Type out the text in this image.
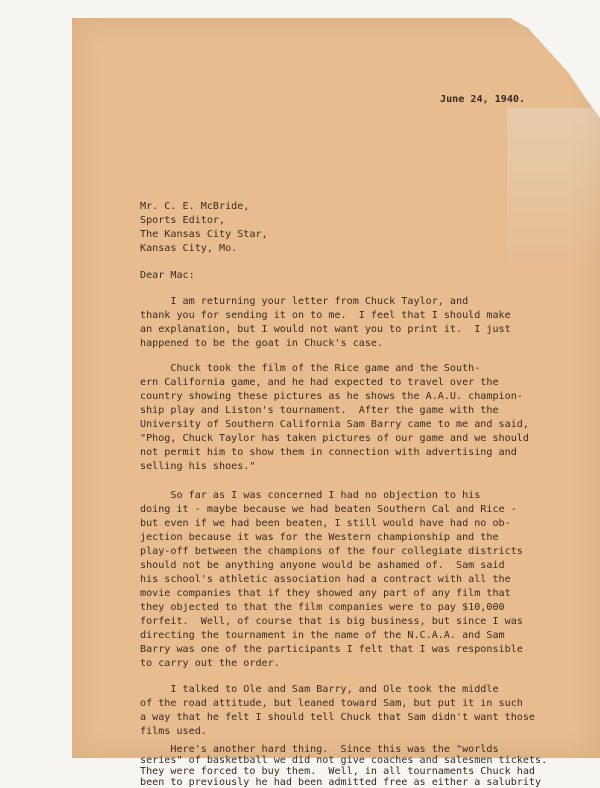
June 24, 1940.

Mr. C. E. McBride,

Sports Editor,

The Kansas City Star,

Kansas City, Mo.

Dear Mac:

I am returning your letter from Chuck Taylor, and

thank you for sending it on to me.  I feel that I should make

an explanation, but I would not want you to print it.  I just

happened to be the goat in Chuck's case.

Chuck took the film of the Rice game and the South-

ern California game, and he had expected to travel over the

country showing these pictures as he shows the A.A.U. champion-

ship play and Liston's tournament.  After the game with the

University of Southern California Sam Barry came to me and said,

"Phog, Chuck Taylor has taken pictures of our game and we should

not permit him to show them in connection with advertising and

selling his shoes."

So far as I was concerned I had no objection to his

doing it - maybe because we had beaten Southern Cal and Rice -

but even if we had been beaten, I still would have had no ob-

jection because it was for the Western championship and the

play-off between the champions of the four collegiate districts

should not be anything anyone would be ashamed of.  Sam said

his school's athletic association had a contract with all the

movie companies that if they showed any part of any film that

they objected to that the film companies were to pay $10,000

forfeit.  Well, of course that is big business, but since I was

directing the tournament in the name of the N.C.A.A. and Sam

Barry was one of the participants I felt that I was responsible

to carry out the order.

I talked to Ole and Sam Barry, and Ole took the middle

of the road attitude, but leaned toward Sam, but put it in such

a way that he felt I should tell Chuck that Sam didn't want those

films used.

Here's another hard thing.  Since this was the "worlds

series" of basketball we did not give coaches and salesmen tickets.

They were forced to buy them.  Well, in all tournaments Chuck had

been to previously he had been admitted free as either a salubrity
